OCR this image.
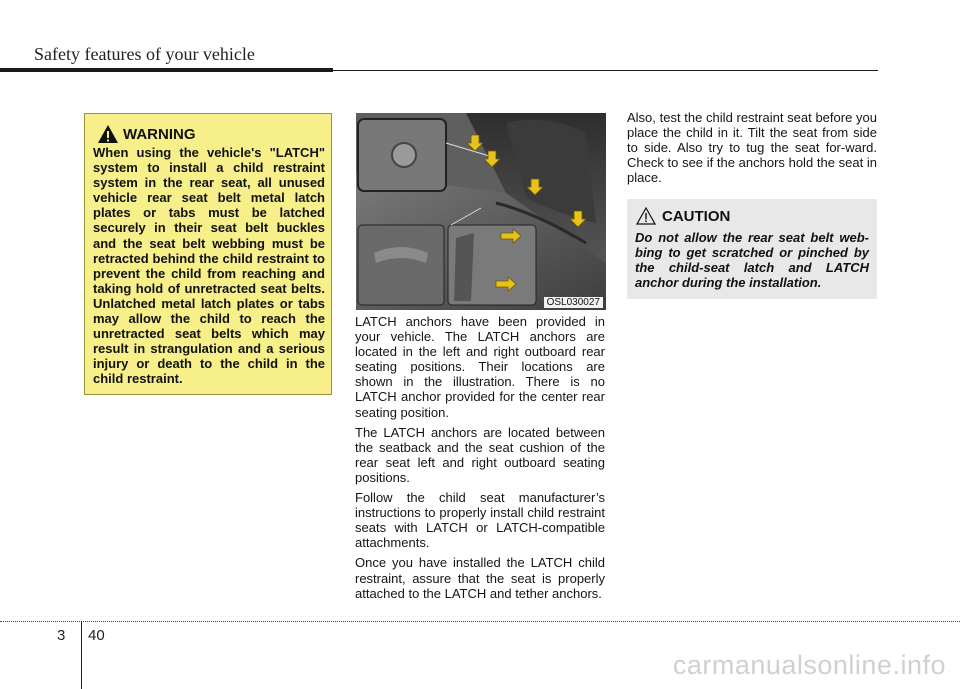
Safety features of your vehicle
WARNING
When using the vehicle's "LATCH" system to install a child restraint system in the rear seat, all unused vehicle rear seat belt metal latch plates or tabs must be latched securely in their seat belt buckles and the seat belt webbing must be retracted behind the child restraint to prevent the child from reaching and taking hold of unretracted seat belts. Unlatched metal latch plates or tabs may allow the child to reach the unretracted seat belts which may result in strangulation and a serious injury or death to the child in the child restraint.
OSL030027

LATCH anchors have been provided in your vehicle. The LATCH anchors are located in the left and right outboard rear seating positions. Their locations are shown in the illustration. There is no LATCH anchor provided for the center rear seating position.

The LATCH anchors are located between the seatback and the seat cushion of the rear seat left and right outboard seating positions.

Follow the child seat manufacturer’s instructions to properly install child restraint seats with LATCH or LATCH-compatible attachments.

Once you have installed the LATCH child restraint, assure that the seat is properly attached to the LATCH and tether anchors.

Also, test the child restraint seat before you place the child in it. Tilt the seat from side to side. Also try to tug the seat for-ward. Check to see if the anchors hold the seat in place.

CAUTION
Do not allow the rear seat belt web-bing to get scratched or pinched by the child-seat latch and LATCH anchor during the installation.
3 40
carmanualsonline.info
